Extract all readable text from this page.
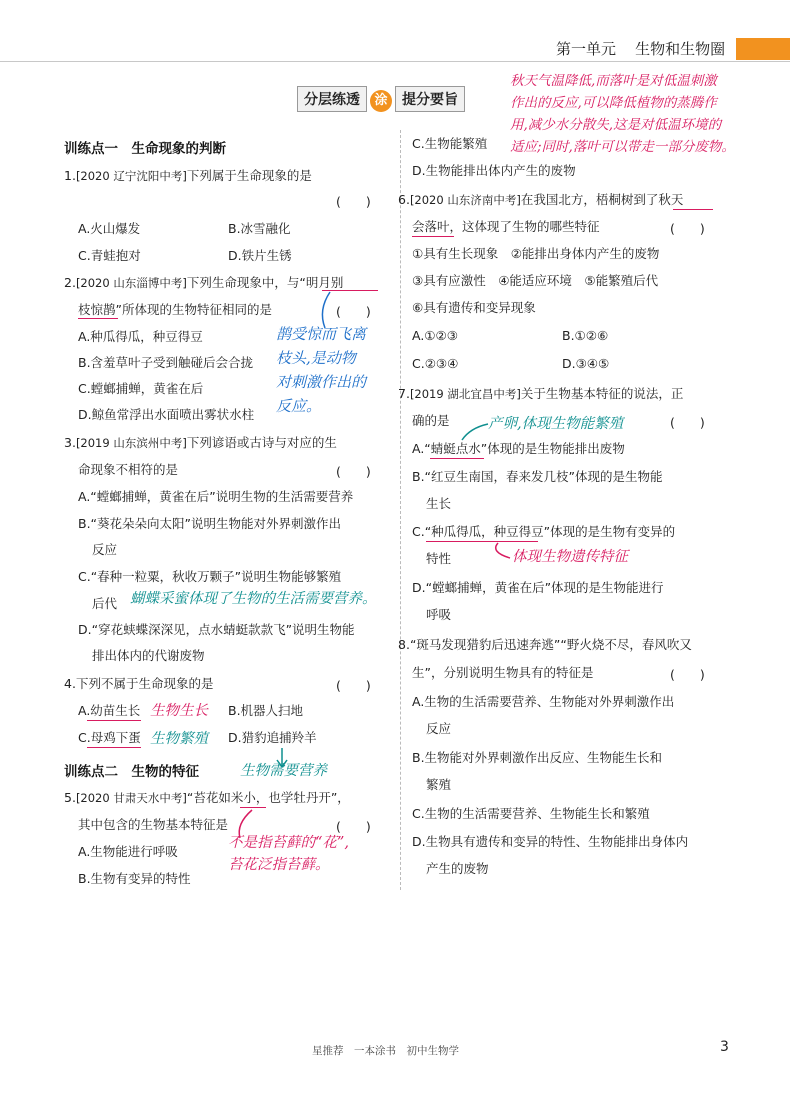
第一单元 生物和生物圈
分层练透 涂 提分要旨
训练点一　生命现象的判断
1.[2020 辽宁沈阳中考]下列属于生命现象的是
(　　)
A.火山爆发	B.冰雪融化
C.青蛙抱对	D.铁片生锈
2.[2020 山东淄博中考]下列生命现象中，与“明月别
枝惊鹊”所体现的生物特征相同的是	(　　)
A.种瓜得瓜，种豆得豆
B.含羞草叶子受到触碰后会合拢
C.螳螂捕蝉，黄雀在后
D.鲸鱼常浮出水面喷出雾状水柱
3.[2019 山东滨州中考]下列谚语或古诗与对应的生
命现象不相符的是	(　　)
A.“螳螂捕蝉，黄雀在后”说明生物的生活需要营养
B.“葵花朵朵向太阳”说明生物能对外界刺激作出
反应
C.“春种一粒粟，秋收万颗子”说明生物能够繁殖
后代
D.“穿花蛱蝶深深见，点水蜻蜓款款飞”说明生物能
排出体内的代谢废物
4.下列不属于生命现象的是	(　　)
A.幼苗生长	B.机器人扫地
C.母鸡下蛋	D.猎豹追捕羚羊
训练点二　生物的特征
5.[2020 甘肃天水中考]“苔花如米小，也学牡丹开”，
其中包含的生物基本特征是	(　　)
A.生物能进行呼吸
B.生物有变异的特性
C.生物能繁殖
D.生物能排出体内产生的废物
6.[2020 山东济南中考]在我国北方，梧桐树到了秋天
会落叶，这体现了生物的哪些特征	(　　)
①具有生长现象　②能排出身体内产生的废物
③具有应激性　④能适应环境　⑤能繁殖后代
⑥具有遗传和变异现象
A.①②③	B.①②⑥
C.②③④	D.③④⑤
7.[2019 湖北宜昌中考]关于生物基本特征的说法，正
确的是	(　　)
A.“蜻蜓点水”体现的是生物能排出废物
B.“红豆生南国，春来发几枝”体现的是生物能
生长
C.“种瓜得瓜，种豆得豆”体现的是生物有变异的
特性
D.“螳螂捕蝉，黄雀在后”体现的是生物能进行
呼吸
8.“斑马发现猎豹后迅速奔逃”“野火烧不尽，春风吹又
生”，分别说明生物具有的特征是	(　　)
A.生物的生活需要营养、生物能对外界刺激作出
反应
B.生物能对外界刺激作出反应、生物能生长和
繁殖
C.生物的生活需要营养、生物能生长和繁殖
D.生物具有遗传和变异的特性、生物能排出身体内
产生的废物
秋天气温降低,而落叶是对低温刺激
作出的反应,可以降低植物的蒸腾作
用,减少水分散失,这是对低温环境的
适应;同时,落叶可以带走一部分废物。
鹊受惊而飞离
枝头,是动物
对刺激作出的
反应。
蝴蝶采蜜体现了生物的生活需要营养。
生物生长
生物繁殖
生物需要营养
不是指苔藓的“花”,
苔花泛指苔藓。
产卵,体现生物能繁殖
体现生物遗传特征
星推荐　一本涂书　初中生物学	3
